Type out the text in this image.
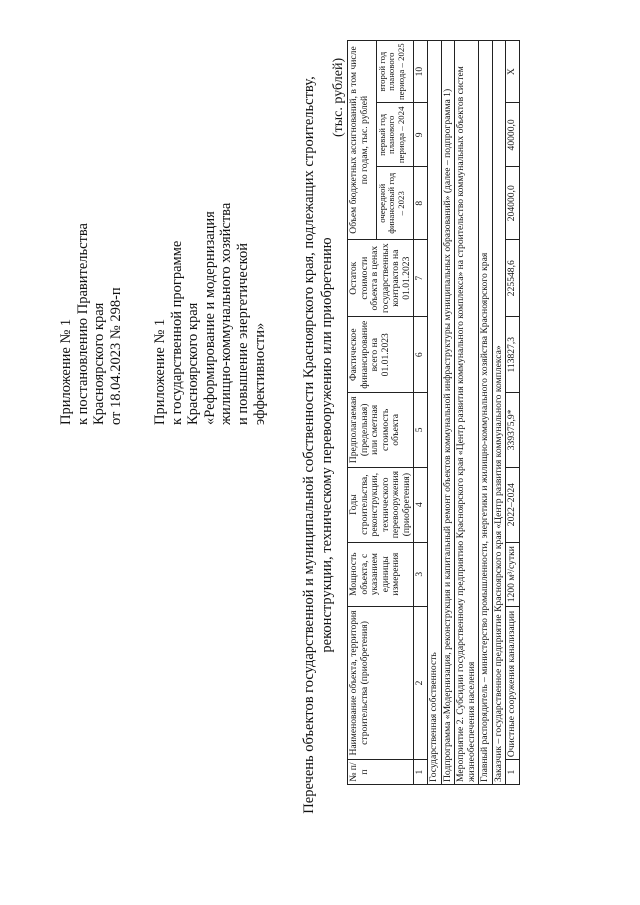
Приложение № 1 к постановлению Правительства Красноярского края от 18.04.2023 № 298-п Приложение № 1 к государственной программе Красноярского края «Реформирование и модернизация жилищно-коммунального хозяйства и повышение энергетической эффективности» Перечень объектов государственной и муниципальной собственности Красноярского края, подлежащих строительству, реконструкции, техническому перевооружению или приобретению
(тыс. рублей)
№ п/п	Наименование объекта, территория строительства (приобретения)	Мощность объекта, с указанием единицы измерения	Годы строительства, реконструкции, технического перевооружения (приобретения)	Предполагаемая (предельная) или сметная стоимость объекта	Фактическое финансирование всего на 01.01.2023	Остаток стоимости объекта в ценах государственных контрактов на 01.01.2023	Объем бюджетных ассигнований, в том числе по годам, тыс. рублей		
							очередной финансовый год – 2023	первый год планового периода – 2024	второй год планового периода – 2025
1	2	3	4	5	6	7	8	9	10
Государственная собственность									
Подпрограмма «Модернизация, реконструкция и капитальный ремонт объектов коммунальной инфраструктуры муниципальных образований» (далее – подпрограмма 1)									
Мероприятие 2. Субсидии государственному предприятию Красноярского края «Центр развития коммунального комплекса» на строительство коммунальных объектов систем жизнеобеспечения населения									
Главный распорядитель – министерство промышленности, энергетики и жилищно-коммунального хозяйства Красноярского края									
Заказчик – государственное предприятие Красноярского края «Центр развития коммунального комплекса»									
1	Очистные сооружения канализации	1200 м³/сутки	2022–2024	339375,9*	113827,3	225548,6	204000,0	40000,0	Х
